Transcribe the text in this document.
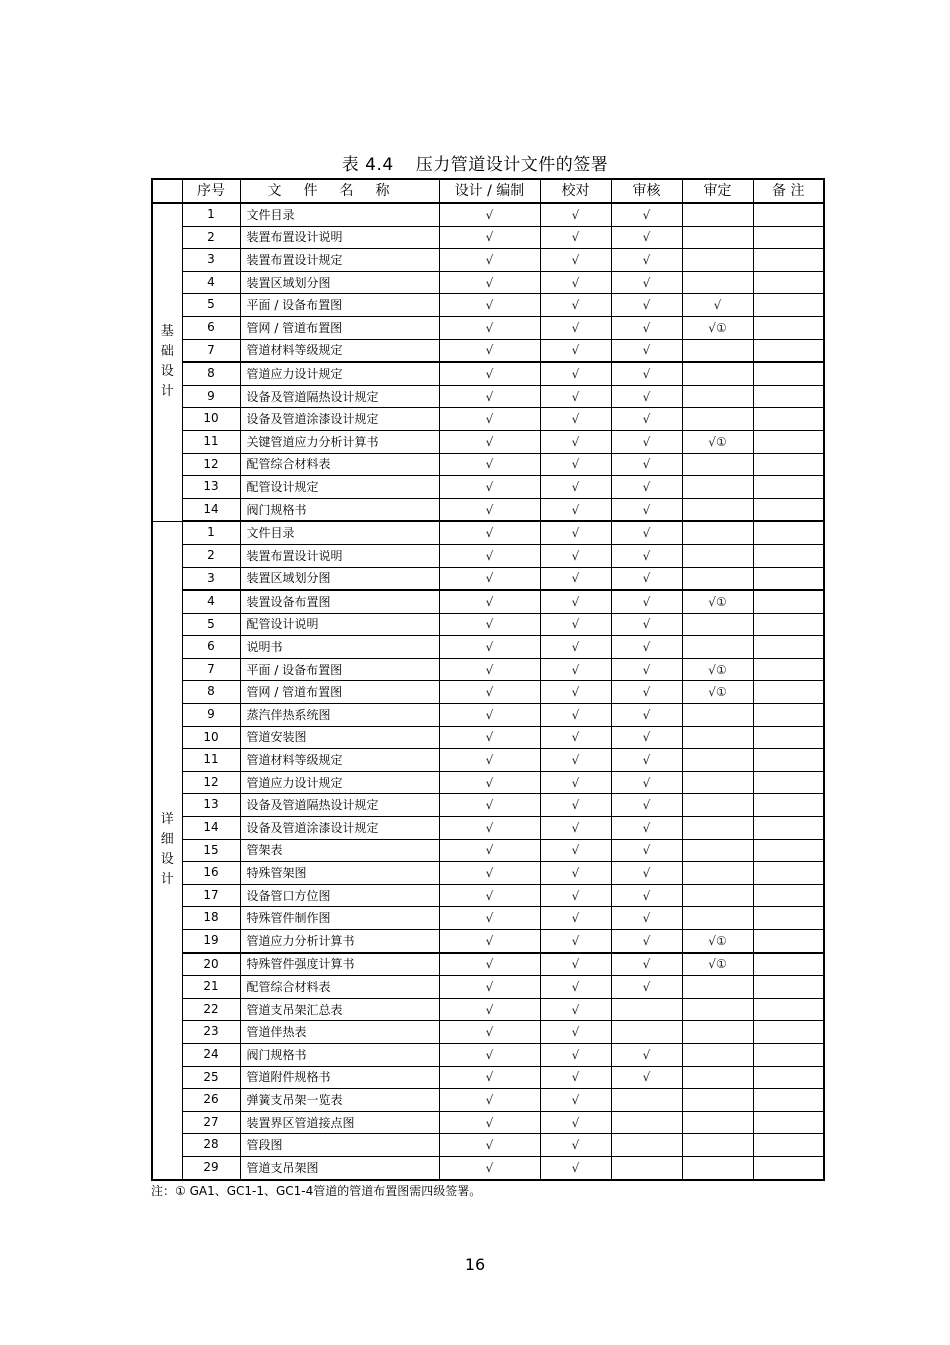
表 4.4 压力管道设计文件的签署
	序号	文件名称	设计 / 编制	校对	审核	审定	备 注

基
础
设
计	1	文件目录	√	√	√		
	2	装置布置设计说明	√	√	√		
	3	装置布置设计规定	√	√	√		
	4	装置区域划分图	√	√	√		
	5	平面 / 设备布置图	√	√	√	√	
	6	管网 / 管道布置图	√	√	√	√①	
	7	管道材料等级规定	√	√	√		
	8	管道应力设计规定	√	√	√		
	9	设备及管道隔热设计规定	√	√	√		
	10	设备及管道涂漆设计规定	√	√	√		
	11	关键管道应力分析计算书	√	√	√	√①	
	12	配管综合材料表	√	√	√		
	13	配管设计规定	√	√	√		
	14	阀门规格书	√	√	√		

详
细
设
计	1	文件目录	√	√	√		
	2	装置布置设计说明	√	√	√		
	3	装置区域划分图	√	√	√		
	4	装置设备布置图	√	√	√	√①	
	5	配管设计说明	√	√	√		
	6	说明书	√	√	√		
	7	平面 / 设备布置图	√	√	√	√①	
	8	管网 / 管道布置图	√	√	√	√①	
	9	蒸汽伴热系统图	√	√	√		
	10	管道安装图	√	√	√		
	11	管道材料等级规定	√	√	√		
	12	管道应力设计规定	√	√	√		
	13	设备及管道隔热设计规定	√	√	√		
	14	设备及管道涂漆设计规定	√	√	√		
	15	管架表	√	√	√		
	16	特殊管架图	√	√	√		
	17	设备管口方位图	√	√	√		
	18	特殊管件制作图	√	√	√		
	19	管道应力分析计算书	√	√	√	√①	
	20	特殊管件强度计算书	√	√	√	√①	
	21	配管综合材料表	√	√	√		
	22	管道支吊架汇总表	√	√			
	23	管道伴热表	√	√			
	24	阀门规格书	√	√	√		
	25	管道附件规格书	√	√	√		
	26	弹簧支吊架一览表	√	√			
	27	装置界区管道接点图	√	√			
	28	管段图	√	√			
	29	管道支吊架图	√	√			
注：① GA1、GC1-1、GC1-4管道的管道布置图需四级签署。
16
